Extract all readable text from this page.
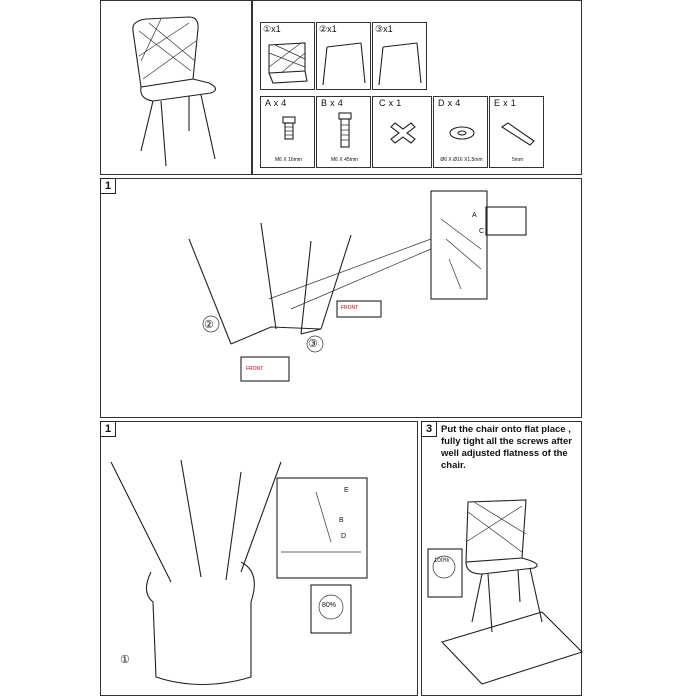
①x1	②x1	③x1
A x 4
M6 X 16mm
B x 4
M6 X 45mm
C x 1	D x 4
Ø6 X Ø16 X1.5mm
E x 1
5mm
1
②
③
FRONT
FRONT
A
C
1
①
80%
E
B
D
3 Put the chair onto flat place , fully tight all the screws after well adjusted flatness of the chair.
100%
